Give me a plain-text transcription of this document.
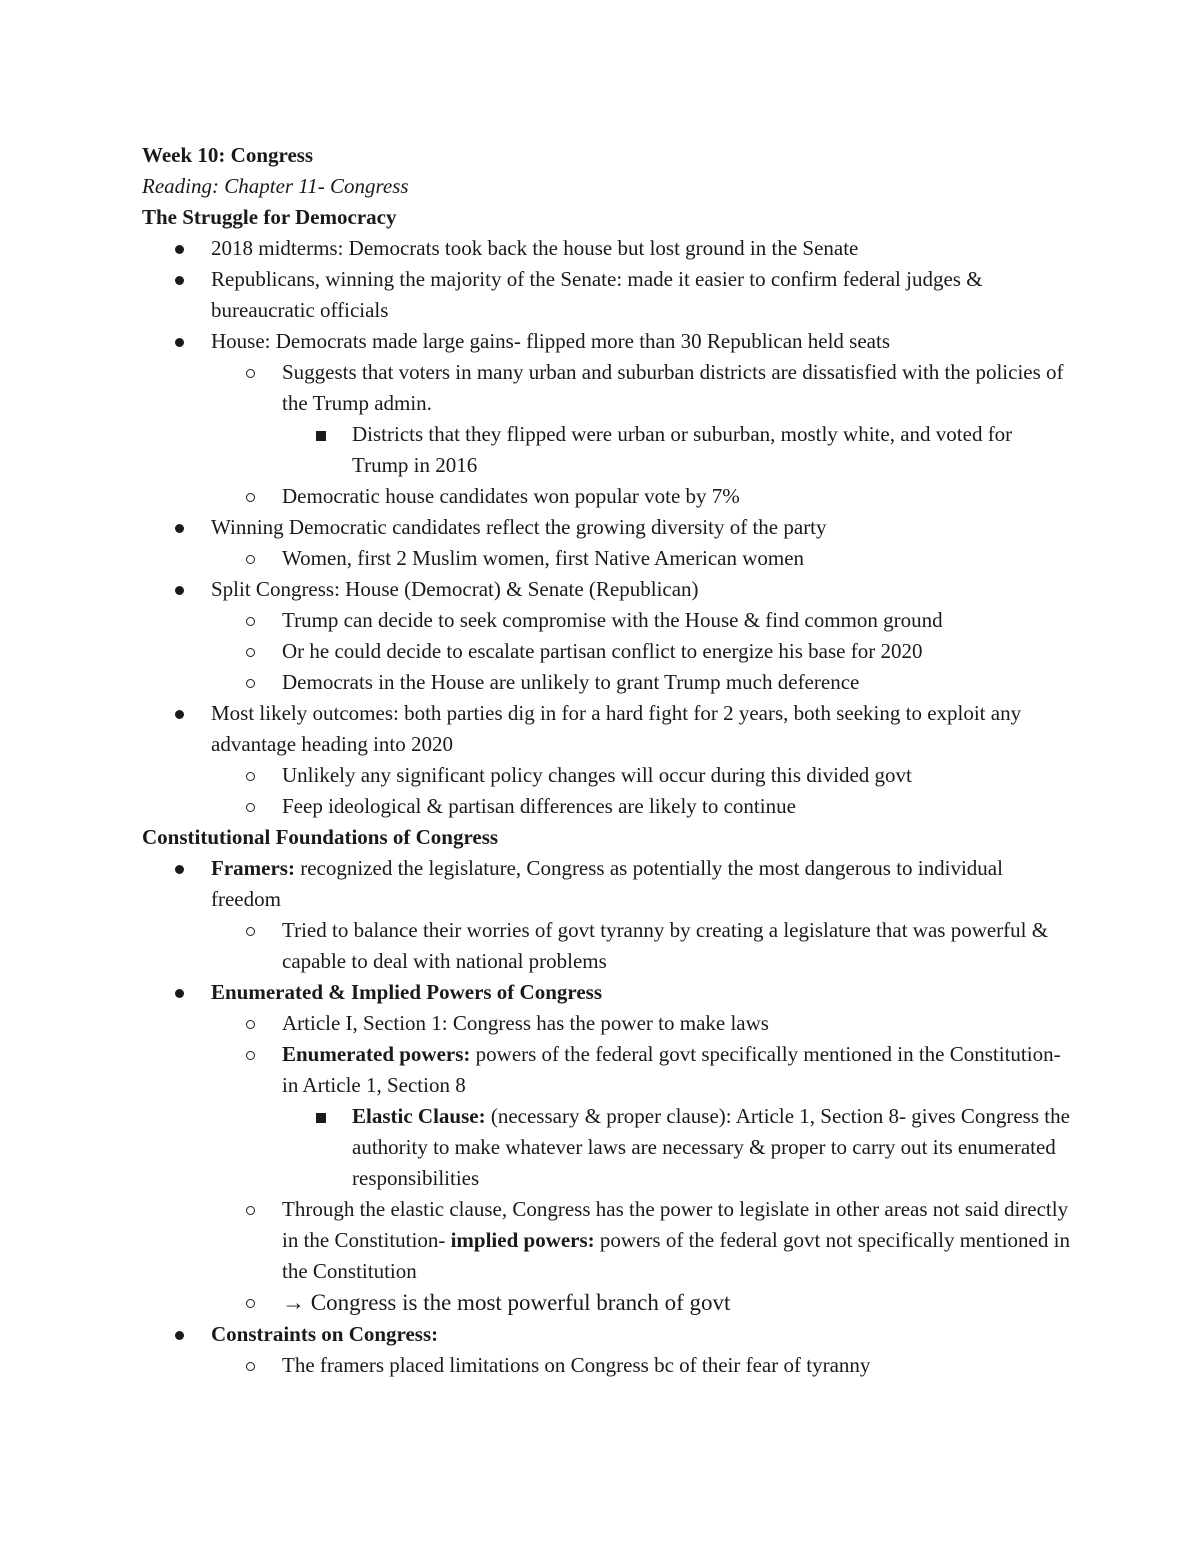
Week 10: Congress

Reading: Chapter 11- Congress

The Struggle for Democracy

2018 midterms: Democrats took back the house but lost ground in the Senate
Republicans, winning the majority of the Senate: made it easier to confirm federal judges & bureaucratic officials
House: Democrats made large gains- flipped more than 30 Republican held seats
Suggests that voters in many urban and suburban districts are dissatisfied with the policies of the Trump admin.
Districts that they flipped were urban or suburban, mostly white, and voted for Trump in 2016
Democratic house candidates won popular vote by 7%
Winning Democratic candidates reflect the growing diversity of the party
Women, first 2 Muslim women, first Native American women
Split Congress: House (Democrat) & Senate (Republican)
Trump can decide to seek compromise with the House & find common ground
Or he could decide to escalate partisan conflict to energize his base for 2020
Democrats in the House are unlikely to grant Trump much deference
Most likely outcomes: both parties dig in for a hard fight for 2 years, both seeking to exploit any advantage heading into 2020
Unlikely any significant policy changes will occur during this divided govt
Feep ideological & partisan differences are likely to continue

Constitutional Foundations of Congress

Framers: recognized the legislature, Congress as potentially the most dangerous to individual freedom
Tried to balance their worries of govt tyranny by creating a legislature that was powerful & capable to deal with national problems
Enumerated & Implied Powers of Congress
Article I, Section 1: Congress has the power to make laws
Enumerated powers: powers of the federal govt specifically mentioned in the Constitution- in Article 1, Section 8
Elastic Clause: (necessary & proper clause): Article 1, Section 8- gives Congress the authority to make whatever laws are necessary & proper to carry out its enumerated responsibilities
Through the elastic clause, Congress has the power to legislate in other areas not said directly in the Constitution- implied powers: powers of the federal govt not specifically mentioned in the Constitution
→ Congress is the most powerful branch of govt
Constraints on Congress:
The framers placed limitations on Congress bc of their fear of tyranny
